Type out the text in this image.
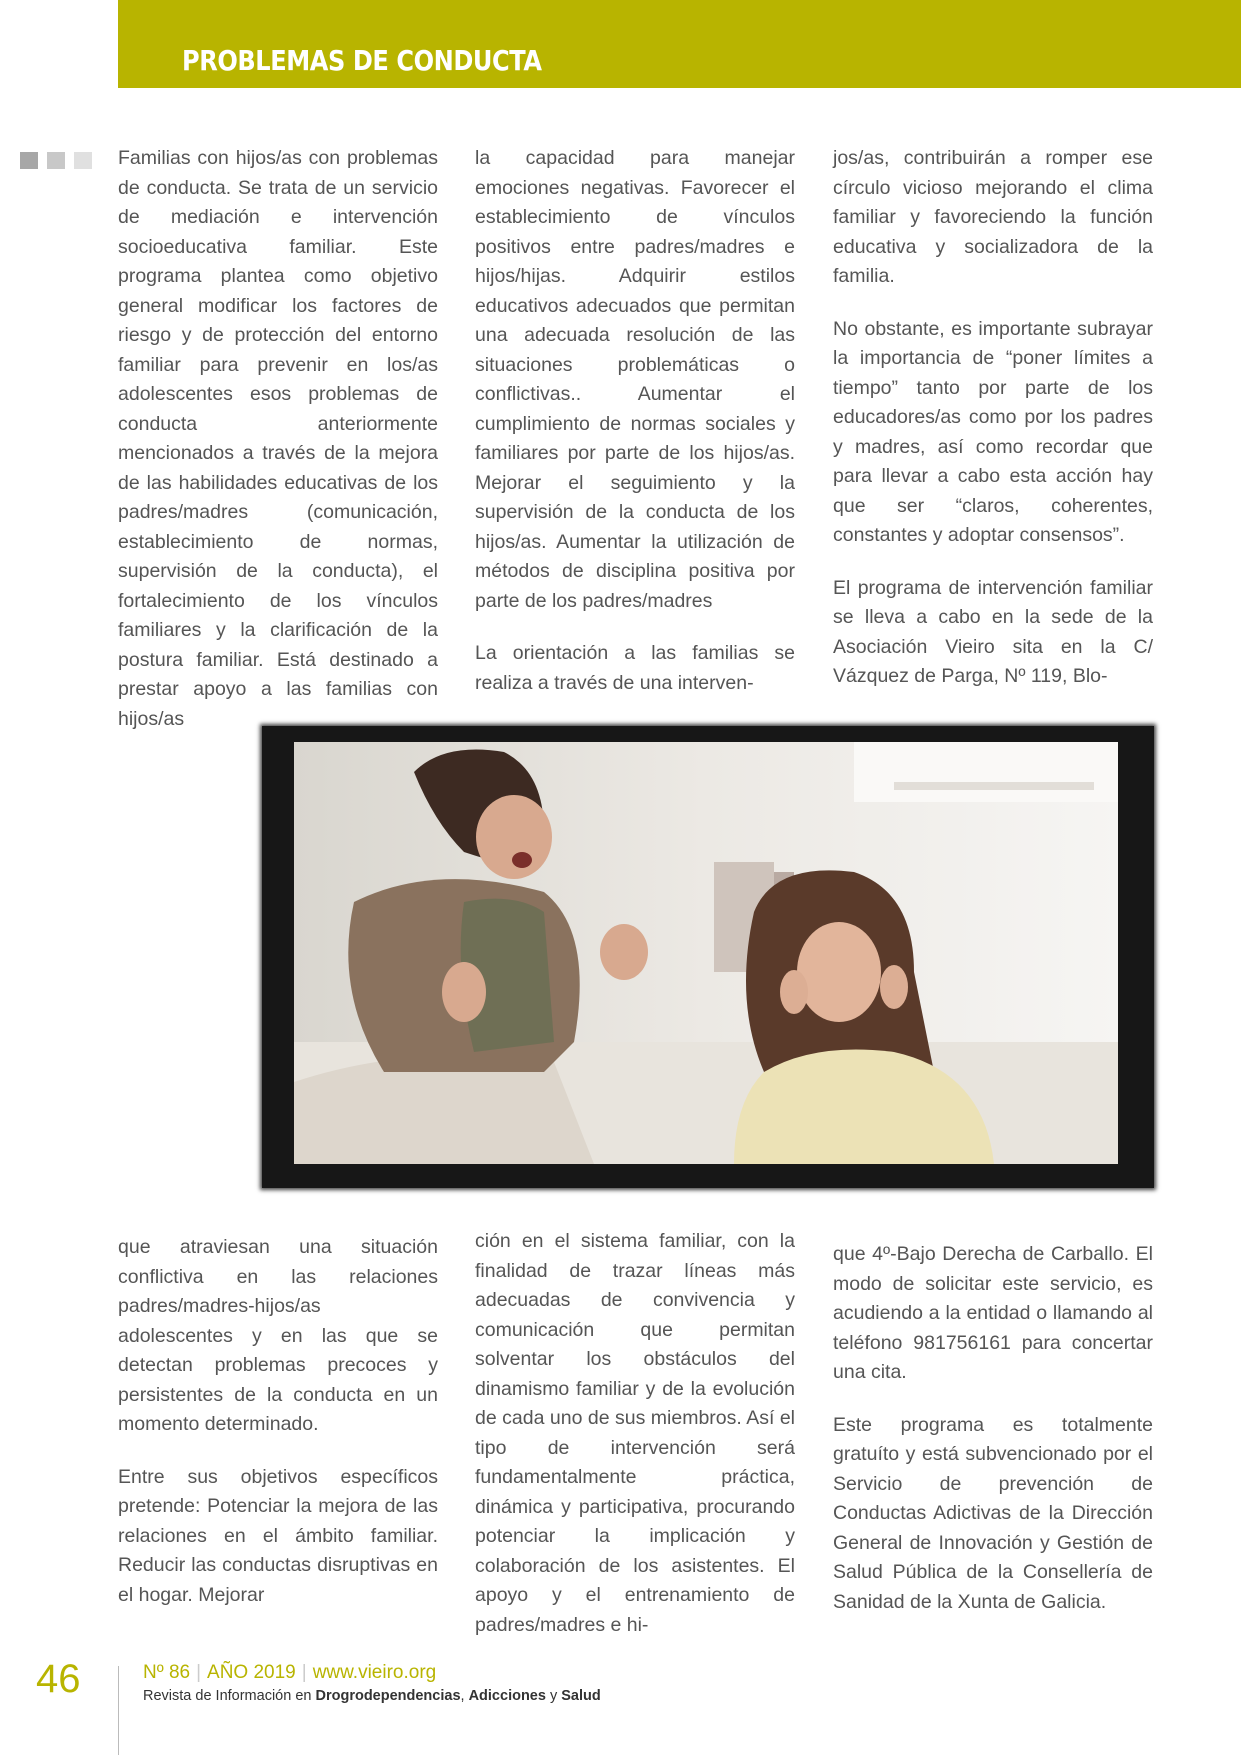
PROBLEMAS DE CONDUCTA

Familias con hijos/as con problemas de conducta. Se trata de un servicio de mediación e intervención socioeducativa familiar. Este programa plantea como objetivo general modificar los factores de riesgo y de protección del entorno familiar para prevenir en los/as adolescentes esos problemas de conducta anteriormente mencionados a través de la mejora de las habilidades educativas de los padres/madres (comunicación, establecimiento de normas, supervisión de la conducta), el fortalecimiento de los vínculos familiares y la clarificación de la postura familiar. Está destinado a prestar apoyo a las familias con hijos/as

la capacidad para manejar emociones negativas. Favorecer el establecimiento de vínculos positivos entre padres/madres e hijos/hijas. Adquirir estilos educativos adecuados que permitan una adecuada resolución de las situaciones problemáticas o conflictivas.. Aumentar el cumplimiento de normas sociales y familiares por parte de los hijos/as. Mejorar el seguimiento y la supervisión de la conducta de los hijos/as. Aumentar la utilización de métodos de disciplina positiva por parte de los padres/madres

La orientación a las familias se realiza a través de una interven-

jos/as, contribuirán a romper ese círculo vicioso mejorando el clima familiar y favoreciendo la función educativa y socializadora de la familia.

No obstante, es importante subrayar la importancia de “poner límites a tiempo” tanto por parte de los educadores/as como por los padres y madres, así como recordar que para llevar a cabo esta acción hay que ser “claros, coherentes, constantes y adoptar consensos”.

El programa de intervención familiar se lleva a cabo en la sede de la Asociación Vieiro sita en la C/ Vázquez de Parga, Nº 119, Blo-

que atraviesan una situación conflictiva en las relaciones padres/madres-hijos/as adolescentes y en las que se detectan problemas precoces y persistentes de la conducta en un momento determinado.

Entre sus objetivos específicos pretende: Potenciar la mejora de las relaciones en el ámbito familiar. Reducir las conductas disruptivas en el hogar. Mejorar

ción en el sistema familiar, con la finalidad de trazar líneas más adecuadas de convivencia y comunicación que permitan solventar los obstáculos del dinamismo familiar y de la evolución de cada uno de sus miembros. Así el tipo de intervención será fundamentalmente práctica, dinámica y participativa, procurando potenciar la implicación y colaboración de los asistentes. El apoyo y el entrenamiento de padres/madres e hi-

que 4º-Bajo Derecha de Carballo. El modo de solicitar este servicio, es acudiendo a la entidad o llamando al teléfono 981756161 para concertar una cita.

Este programa es totalmente gratuíto y está subvencionado por el Servicio de prevención de Conductas Adictivas de la Dirección General de Innovación y Gestión de Salud Pública de la Consellería de Sanidad de la Xunta de Galicia.

46	Nº 86 | AÑO 2019 | www.vieiro.org
Revista de Información en Drogrodependencias, Adicciones y Salud
